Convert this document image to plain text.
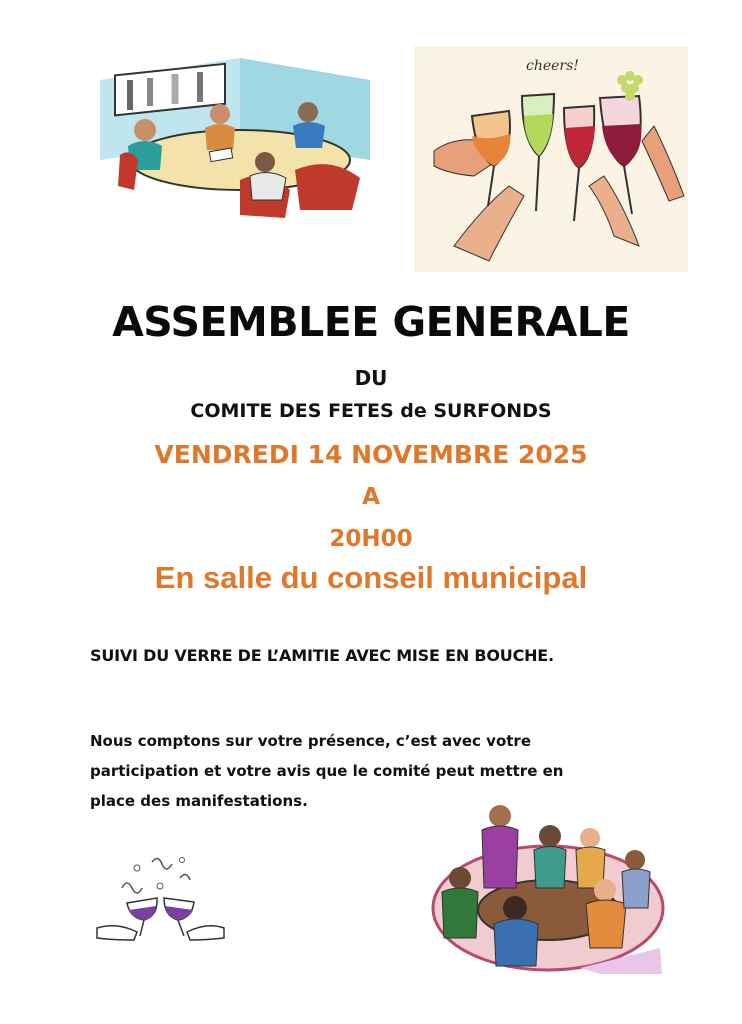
cheers!
ASSEMBLEE GENERALE
DU
COMITE DES FETES de SURFONDS
VENDREDI 14 NOVEMBRE 2025
A
20H00
En salle du conseil municipal
SUIVI DU VERRE DE L’AMITIE AVEC MISE EN BOUCHE.
Nous comptons sur votre présence, c’est avec votre participation et votre avis que le comité peut mettre en place des manifestations.
